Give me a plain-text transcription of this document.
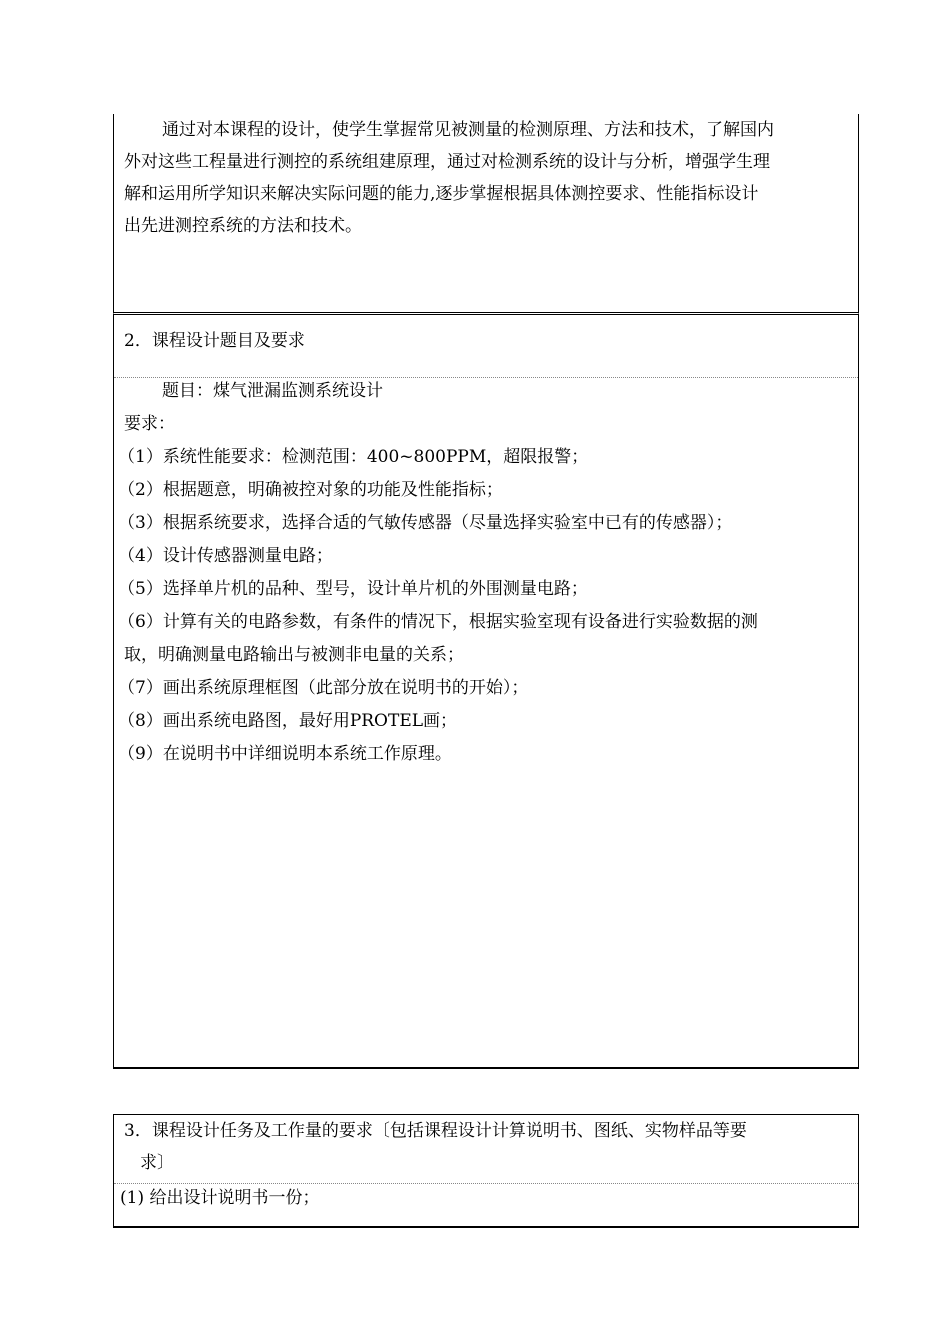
通过对本课程的设计，使学生掌握常见被测量的检测原理、方法和技术，了解国内
外对这些工程量进行测控的系统组建原理，通过对检测系统的设计与分析，增强学生理
解和运用所学知识来解决实际问题的能力,逐步掌握根据具体测控要求、性能指标设计
出先进测控系统的方法和技术。
2．课程设计题目及要求
题目：煤气泄漏监测系统设计
要求：
（1）系统性能要求：检测范围：400~800PPM，超限报警；
（2）根据题意，明确被控对象的功能及性能指标；
（3）根据系统要求，选择合适的气敏传感器（尽量选择实验室中已有的传感器）；
（4）设计传感器测量电路；
（5）选择单片机的品种、型号，设计单片机的外围测量电路；
（6）计算有关的电路参数，有条件的情况下，根据实验室现有设备进行实验数据的测
取，明确测量电路输出与被测非电量的关系；
（7）画出系统原理框图（此部分放在说明书的开始）；
（8）画出系统电路图，最好用PROTEL画；
（9）在说明书中详细说明本系统工作原理。
3．课程设计任务及工作量的要求〔包括课程设计计算说明书、图纸、实物样品等要
求〕
(1) 给出设计说明书一份；
